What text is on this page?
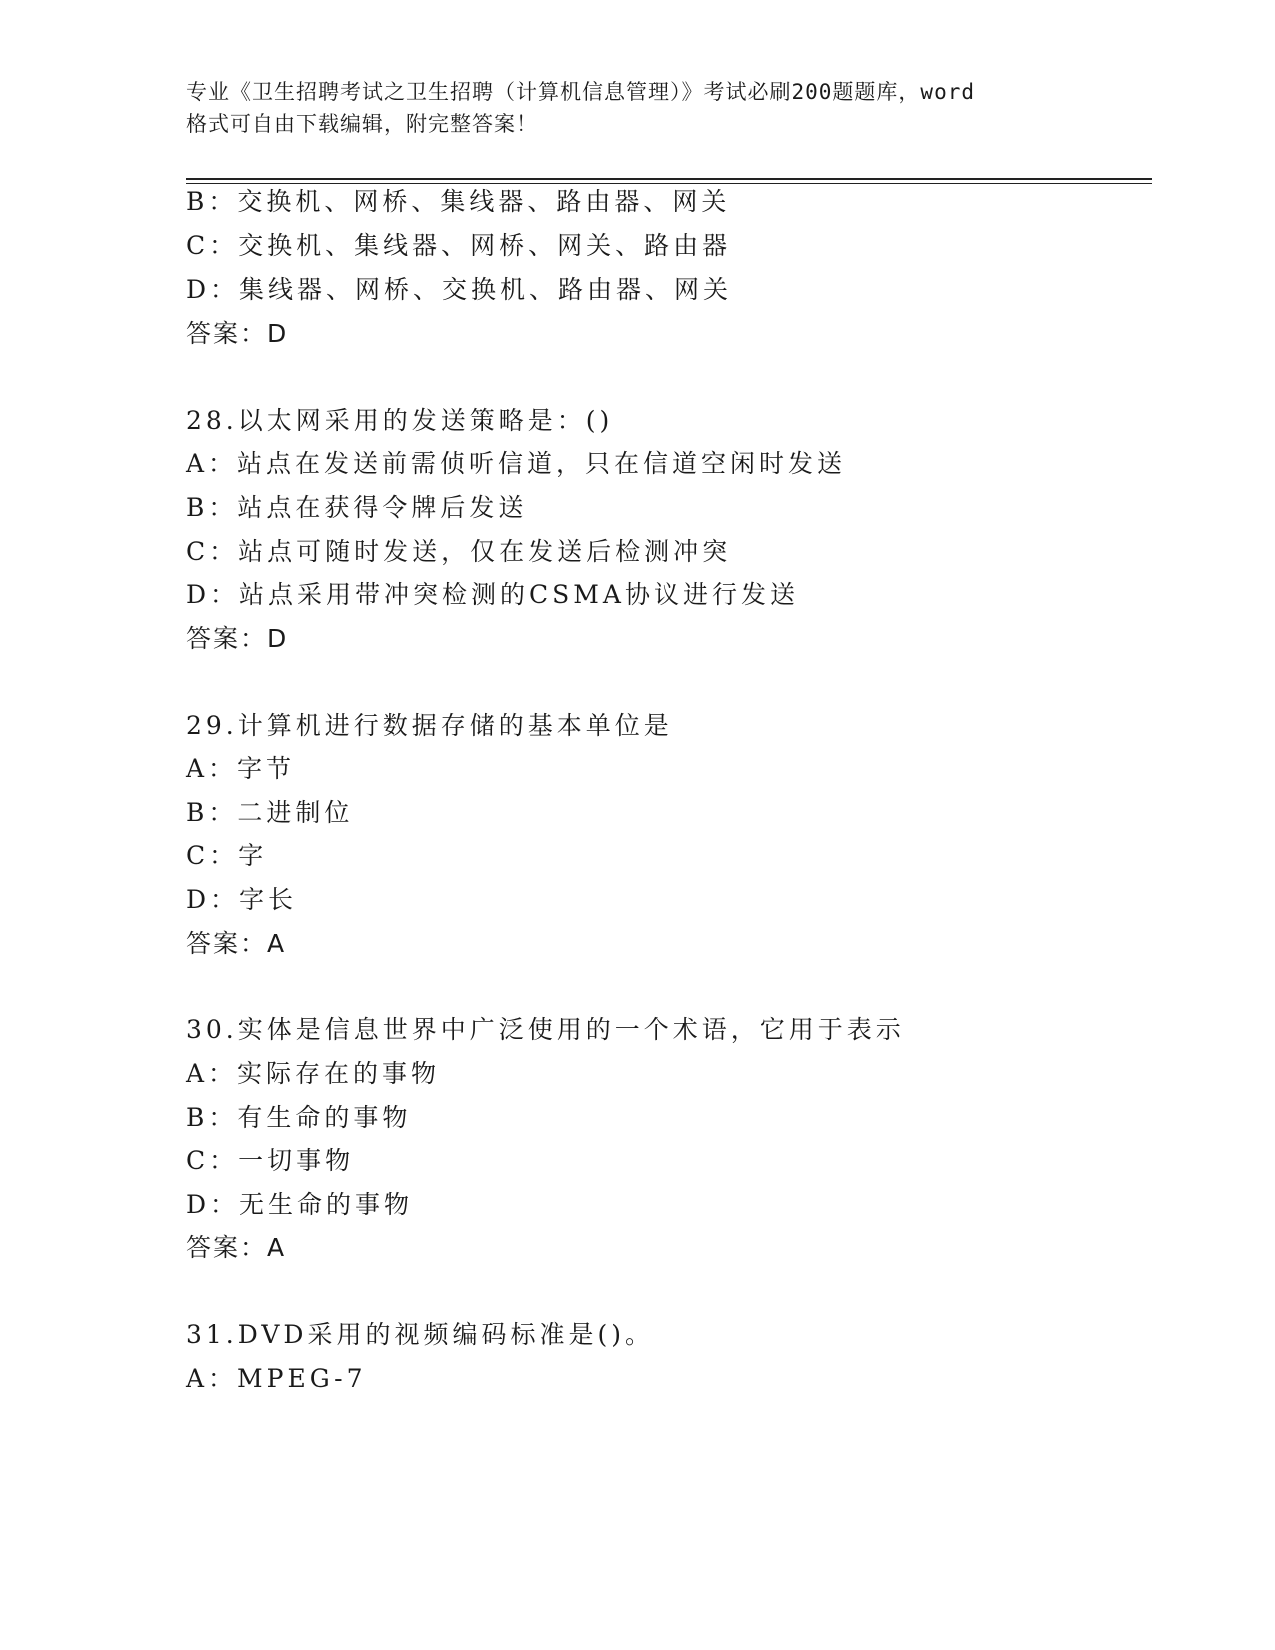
专业《卫生招聘考试之卫生招聘（计算机信息管理）》考试必刷200题题库，word
格式可自由下载编辑，附完整答案！
B：交换机、网桥、集线器、路由器、网关
C：交换机、集线器、网桥、网关、路由器
D：集线器、网桥、交换机、路由器、网关
答案：D
28.以太网采用的发送策略是：()
A：站点在发送前需侦听信道，只在信道空闲时发送
B：站点在获得令牌后发送
C：站点可随时发送，仅在发送后检测冲突
D：站点采用带冲突检测的CSMA协议进行发送
答案：D
29.计算机进行数据存储的基本单位是
A：字节
B：二进制位
C：字
D：字长
答案：A
30.实体是信息世界中广泛使用的一个术语，它用于表示
A：实际存在的事物
B：有生命的事物
C：一切事物
D：无生命的事物
答案：A
31.DVD采用的视频编码标准是()。
A：MPEG-7
